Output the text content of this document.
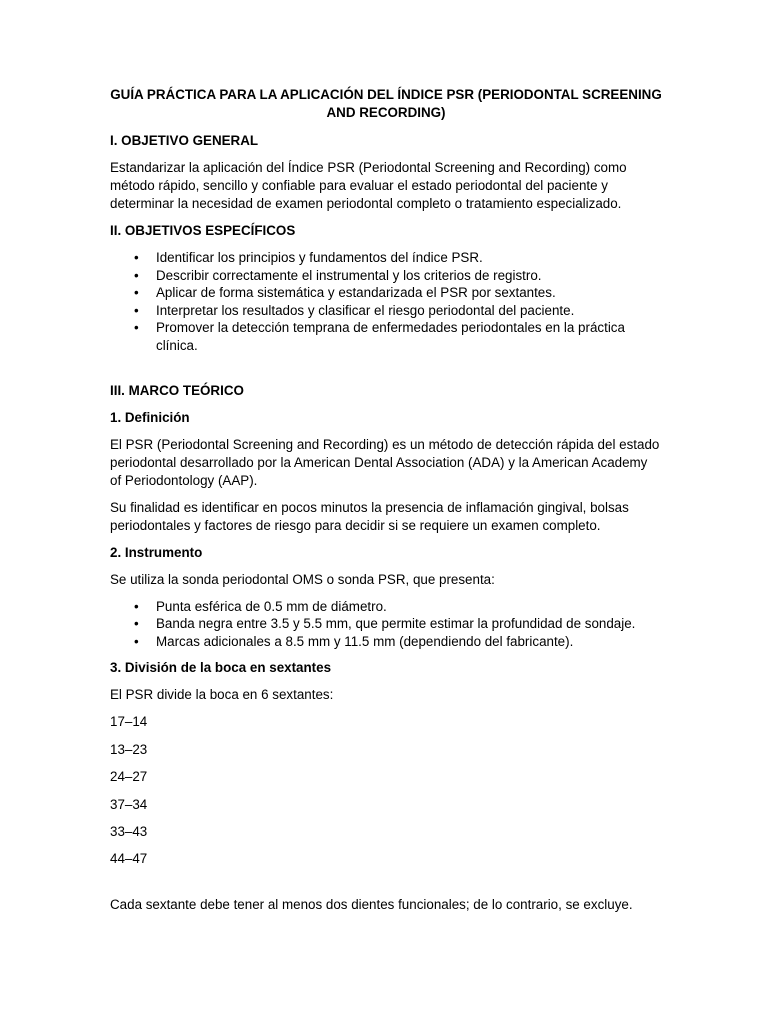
GUÍA PRÁCTICA PARA LA APLICACIÓN DEL ÍNDICE PSR (PERIODONTAL SCREENING AND RECORDING)
I. OBJETIVO GENERAL
Estandarizar la aplicación del Índice PSR (Periodontal Screening and Recording) como método rápido, sencillo y confiable para evaluar el estado periodontal del paciente y determinar la necesidad de examen periodontal completo o tratamiento especializado.
II. OBJETIVOS ESPECÍFICOS
• Identificar los principios y fundamentos del índice PSR.
• Describir correctamente el instrumental y los criterios de registro.
• Aplicar de forma sistemática y estandarizada el PSR por sextantes.
• Interpretar los resultados y clasificar el riesgo periodontal del paciente.
• Promover la detección temprana de enfermedades periodontales en la práctica clínica.
III. MARCO TEÓRICO
1. Definición
El PSR (Periodontal Screening and Recording) es un método de detección rápida del estado periodontal desarrollado por la American Dental Association (ADA) y la American Academy of Periodontology (AAP).
Su finalidad es identificar en pocos minutos la presencia de inflamación gingival, bolsas periodontales y factores de riesgo para decidir si se requiere un examen completo.
2. Instrumento
Se utiliza la sonda periodontal OMS o sonda PSR, que presenta:
• Punta esférica de 0.5 mm de diámetro.
• Banda negra entre 3.5 y 5.5 mm, que permite estimar la profundidad de sondaje.
• Marcas adicionales a 8.5 mm y 11.5 mm (dependiendo del fabricante).
3. División de la boca en sextantes
El PSR divide la boca en 6 sextantes:
17–14
13–23
24–27
37–34
33–43
44–47
Cada sextante debe tener al menos dos dientes funcionales; de lo contrario, se excluye.
